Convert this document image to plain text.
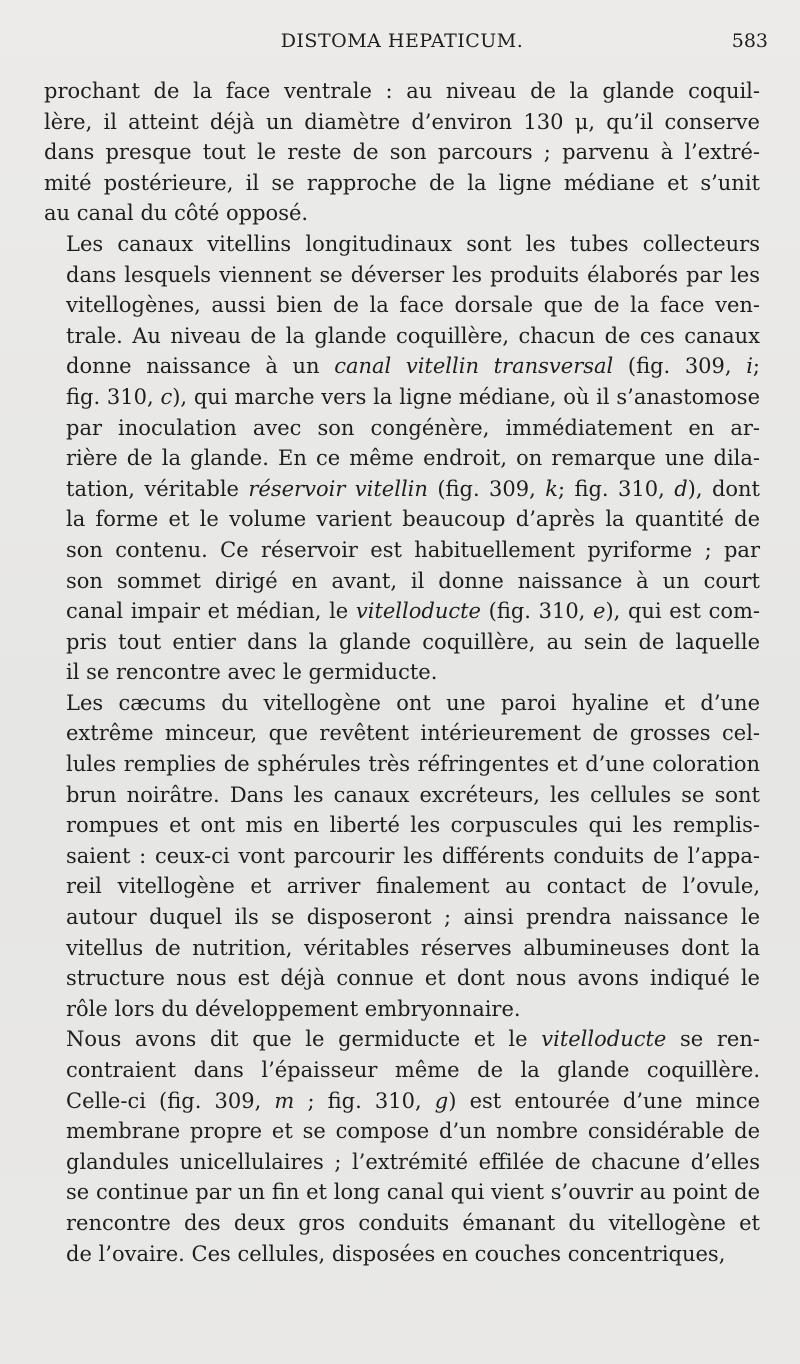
DISTOMA HEPATICUM.	583

prochant de la face ventrale : au niveau de la glande coquil-
lère, il atteint déjà un diamètre d’environ 130 μ, qu’il conserve
dans presque tout le reste de son parcours ; parvenu à l’extré-
mité postérieure, il se rapproche de la ligne médiane et s’unit
au canal du côté opposé.

Les canaux vitellins longitudinaux sont les tubes collecteurs
dans lesquels viennent se déverser les produits élaborés par les
vitellogènes, aussi bien de la face dorsale que de la face ven-
trale. Au niveau de la glande coquillère, chacun de ces canaux
donne naissance à un canal vitellin transversal (fig. 309, i;
fig. 310, c), qui marche vers la ligne médiane, où il s’anastomose
par inoculation avec son congénère, immédiatement en ar-
rière de la glande. En ce même endroit, on remarque une dila-
tation, véritable réservoir vitellin (fig. 309, k; fig. 310, d), dont
la forme et le volume varient beaucoup d’après la quantité de
son contenu. Ce réservoir est habituellement pyriforme ; par
son sommet dirigé en avant, il donne naissance à un court
canal impair et médian, le vitelloducte (fig. 310, e), qui est com-
pris tout entier dans la glande coquillère, au sein de laquelle
il se rencontre avec le germiducte.

Les cæcums du vitellogène ont une paroi hyaline et d’une
extrême minceur, que revêtent intérieurement de grosses cel-
lules remplies de sphérules très réfringentes et d’une coloration
brun noirâtre. Dans les canaux excréteurs, les cellules se sont
rompues et ont mis en liberté les corpuscules qui les remplis-
saient : ceux-ci vont parcourir les différents conduits de l’appa-
reil vitellogène et arriver finalement au contact de l’ovule,
autour duquel ils se disposeront ; ainsi prendra naissance le
vitellus de nutrition, véritables réserves albumineuses dont la
structure nous est déjà connue et dont nous avons indiqué le
rôle lors du développement embryonnaire.

Nous avons dit que le germiducte et le vitelloducte se ren-
contraient dans l’épaisseur même de la glande coquillère.
Celle-ci (fig. 309, m ; fig. 310, g) est entourée d’une mince
membrane propre et se compose d’un nombre considérable de
glandules unicellulaires ; l’extrémité effilée de chacune d’elles
se continue par un fin et long canal qui vient s’ouvrir au point de
rencontre des deux gros conduits émanant du vitellogène et
de l’ovaire. Ces cellules, disposées en couches concentriques,
